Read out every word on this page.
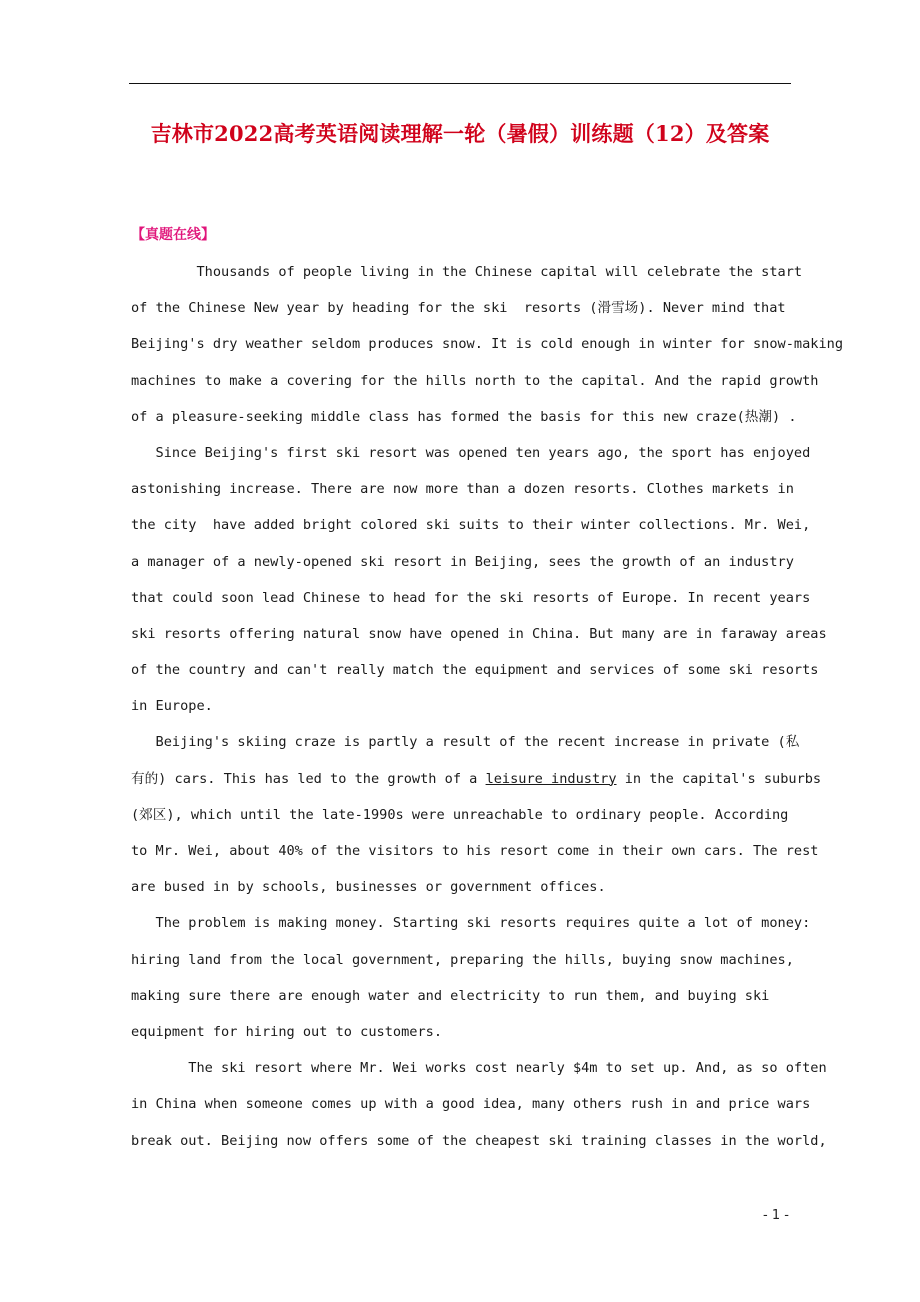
吉林市2022高考英语阅读理解一轮（暑假）训练题（12）及答案
【真题在线】
Thousands of people living in the Chinese capital will celebrate the start
of the Chinese New year by heading for the ski  resorts (滑雪场). Never mind that
Beijing's dry weather seldom produces snow. It is cold enough in winter for snow-making
machines to make a covering for the hills north to the capital. And the rapid growth
of a pleasure-seeking middle class has formed the basis for this new craze(热潮) .
Since Beijing's first ski resort was opened ten years ago, the sport has enjoyed
astonishing increase. There are now more than a dozen resorts. Clothes markets in
the city  have added bright colored ski suits to their winter collections. Mr. Wei,
a manager of a newly-opened ski resort in Beijing, sees the growth of an industry
that could soon lead Chinese to head for the ski resorts of Europe. In recent years
ski resorts offering natural snow have opened in China. But many are in faraway areas
of the country and can't really match the equipment and services of some ski resorts
in Europe.
Beijing's skiing craze is partly a result of the recent increase in private (私
有的) cars. This has led to the growth of a leisure industry in the capital's suburbs
(郊区), which until the late-1990s were unreachable to ordinary people. According
to Mr. Wei, about 40% of the visitors to his resort come in their own cars. The rest
are bused in by schools, businesses or government offices.
The problem is making money. Starting ski resorts requires quite a lot of money:
hiring land from the local government, preparing the hills, buying snow machines,
making sure there are enough water and electricity to run them, and buying ski
equipment for hiring out to customers.
The ski resort where Mr. Wei works cost nearly $4m to set up. And, as so often
in China when someone comes up with a good idea, many others rush in and price wars
break out. Beijing now offers some of the cheapest ski training classes in the world,
- 1 -
